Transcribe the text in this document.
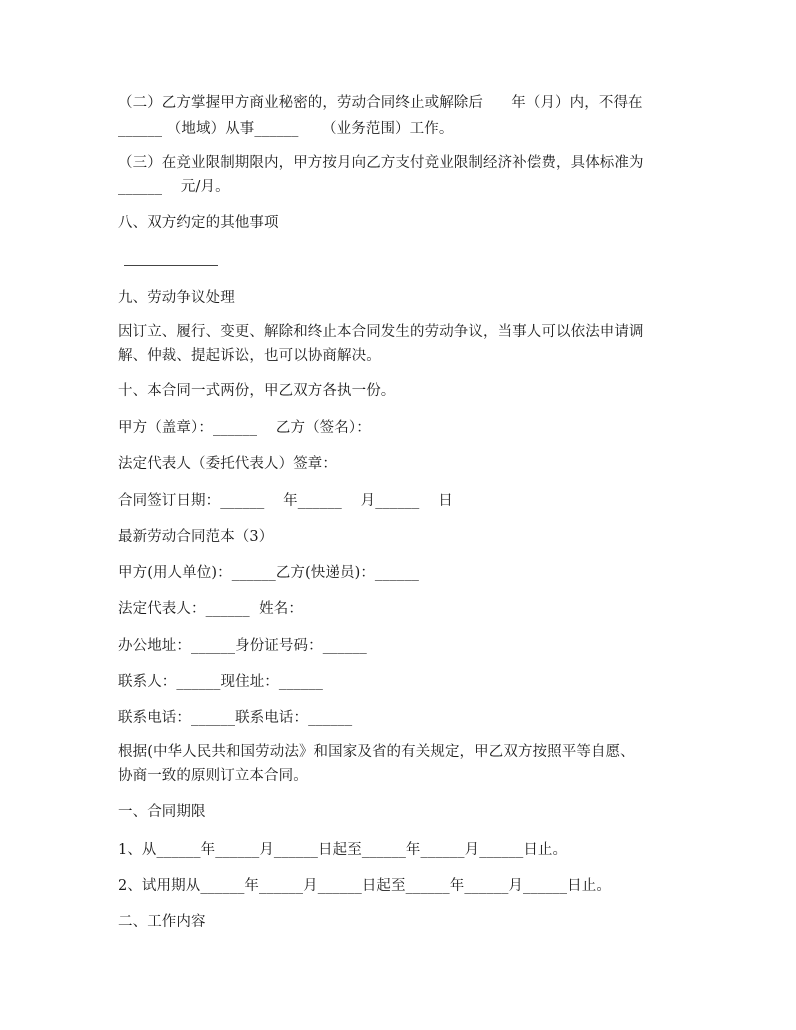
（二）乙方掌握甲方商业秘密的，劳动合同终止或解除后      年（月）内，不得在
______ （地域）从事______     （业务范围）工作。
（三）在竞业限制期限内，甲方按月向乙方支付竞业限制经济补偿费，具体标准为
______    元/月。
八、双方约定的其他事项
九、劳动争议处理
因订立、履行、变更、解除和终止本合同发生的劳动争议，当事人可以依法申请调
解、仲裁、提起诉讼，也可以协商解决。
十、本合同一式两份，甲乙双方各执一份。
甲方（盖章）：______    乙方（签名）：
法定代表人（委托代表人）签章：
合同签订日期：______    年______    月______    日
最新劳动合同范本（3）
甲方(用人单位)：______乙方(快递员)：______
法定代表人：______  姓名：
办公地址：______身份证号码：______
联系人：______现住址：______
联系电话：______联系电话：______
根据(中华人民共和国劳动法》和国家及省的有关规定，甲乙双方按照平等自愿、
协商一致的原则订立本合同。
一、合同期限
1、从______年______月______日起至______年______月______日止。
2、试用期从______年______月______日起至______年______月______日止。
二、工作内容
